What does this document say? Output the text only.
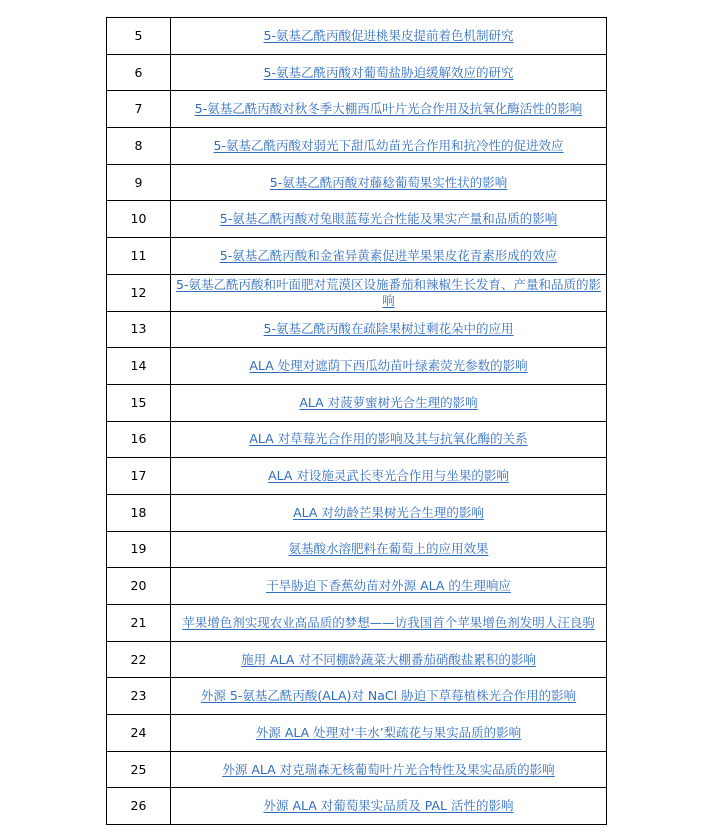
5	5-氨基乙酰丙酸促进桃果皮提前着色机制研究
6	5-氨基乙酰丙酸对葡萄盐胁迫缓解效应的研究
7	5-氨基乙酰丙酸对秋冬季大棚西瓜叶片光合作用及抗氧化酶活性的影响
8	5-氨基乙酰丙酸对弱光下甜瓜幼苗光合作用和抗冷性的促进效应
9	5-氨基乙酰丙酸对藤稔葡萄果实性状的影响
10	5-氨基乙酰丙酸对兔眼蓝莓光合性能及果实产量和品质的影响
11	5-氨基乙酰丙酸和金雀异黄素促进苹果果皮花青素形成的效应
12	5-氨基乙酰丙酸和叶面肥对荒漠区设施番茄和辣椒生长发育、产量和品质的影响
13	5-氨基乙酰丙酸在疏除果树过剩花朵中的应用
14	ALA 处理对遮荫下西瓜幼苗叶绿素荧光参数的影响
15	ALA 对菠萝蜜树光合生理的影响
16	ALA 对草莓光合作用的影响及其与抗氧化酶的关系
17	ALA 对设施灵武长枣光合作用与坐果的影响
18	ALA 对幼龄芒果树光合生理的影响
19	氨基酸水溶肥料在葡萄上的应用效果
20	干旱胁迫下香蕉幼苗对外源 ALA 的生理响应
21	苹果增色剂实现农业高品质的梦想——访我国首个苹果增色剂发明人汪良驹
22	施用 ALA 对不同棚龄蔬菜大棚番茄硝酸盐累积的影响
23	外源 5-氨基乙酰丙酸(ALA)对 NaCl 胁迫下草莓植株光合作用的影响
24	外源 ALA 处理对‘丰水’梨疏花与果实品质的影响
25	外源 ALA 对克瑞森无核葡萄叶片光合特性及果实品质的影响
26	外源 ALA 对葡萄果实品质及 PAL 活性的影响
